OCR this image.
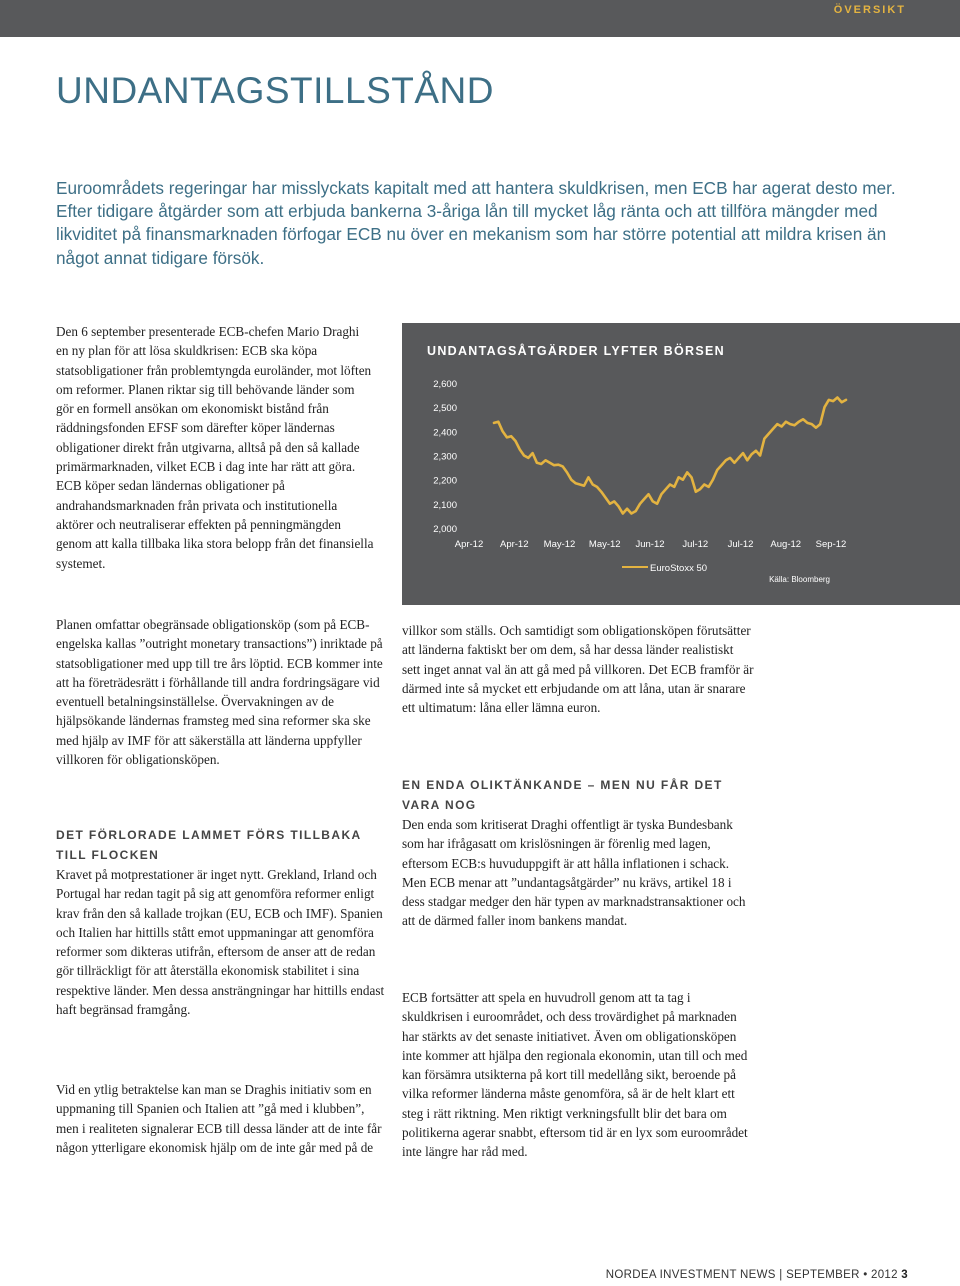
ÖVERSIKT
UNDANTAGSTILLSTÅND

Euroområdets regeringar har misslyckats kapitalt med att hantera skuldkrisen, men ECB har agerat desto mer. Efter tidigare åtgärder som att erbjuda bankerna 3-åriga lån till mycket låg ränta och att tillföra mängder med likviditet på finansmarknaden förfogar ECB nu över en mekanism som har större potential att mildra krisen än något annat tidigare försök.

Den 6 september presenterade ECB-chefen Mario Draghi en ny plan för att lösa skuldkrisen: ECB ska köpa statsobligationer från problemtyngda euroländer, mot löften om reformer. Planen riktar sig till behövande länder som gör en formell ansökan om ekonomiskt bistånd från räddningsfonden EFSF som därefter köper ländernas obligationer direkt från utgivarna, alltså på den så kallade primärmarknaden, vilket ECB i dag inte har rätt att göra. ECB köper sedan ländernas obligationer på andrahandsmarknaden från privata och institutionella aktörer och neutraliserar effekten på penningmängden genom att kalla tillbaka lika stora belopp från det finansiella systemet.

2,600
2,500
2,400
2,300
2,200
2,100
2,000
Apr-12 Apr-12 May-12 May-12 Jun-12 Jul-12 Jul-12 Aug-12 Sep-12
EuroStoxx 50
Källa: Bloomberg
UNDANTAGSÅTGÄRDER LYFTER BÖRSEN

Planen omfattar obegränsade obligationsköp (som på ECB-engelska kallas ”outright monetary transactions”) inriktade på statsobligationer med upp till tre års löptid. ECB kommer inte att ha företrädesrätt i förhållande till andra fordringsägare vid eventuell betalningsinställelse. Övervakningen av de hjälpsökande ländernas framsteg med sina reformer ska ske med hjälp av IMF för att säkerställa att länderna uppfyller villkoren för obligationsköpen.

DET FÖRLORADE LAMMET FÖRS TILLBAKA TILL FLOCKEN

Kravet på motprestationer är inget nytt. Grekland, Irland och Portugal har redan tagit på sig att genomföra reformer enligt krav från den så kallade trojkan (EU, ECB och IMF). Spanien och Italien har hittills stått emot uppmaningar att genomföra reformer som dikteras utifrån, eftersom de anser att de redan gör tillräckligt för att återställa ekonomisk stabilitet i sina respektive länder. Men dessa ansträngningar har hittills endast haft begränsad framgång.

Vid en ytlig betraktelse kan man se Draghis initiativ som en uppmaning till Spanien och Italien att ”gå med i klubben”, men i realiteten signalerar ECB till dessa länder att de inte får någon ytterligare ekonomisk hjälp om de inte går med på de

villkor som ställs. Och samtidigt som obligationsköpen förutsätter att länderna faktiskt ber om dem, så har dessa länder realistiskt sett inget annat val än att gå med på villkoren. Det ECB framför är därmed inte så mycket ett erbjudande om att låna, utan är snarare ett ultimatum: låna eller lämna euron.

EN ENDA OLIKTÄNKANDE – MEN NU FÅR DET VARA NOG

Den enda som kritiserat Draghi offentligt är tyska Bundesbank som har ifrågasatt om krislösningen är förenlig med lagen, eftersom ECB:s huvuduppgift är att hålla inflationen i schack. Men ECB menar att ”undantagsåtgärder” nu krävs, artikel 18 i dess stadgar medger den här typen av marknadstransaktioner och att de därmed faller inom bankens mandat.

ECB fortsätter att spela en huvudroll genom att ta tag i skuldkrisen i euroområdet, och dess trovärdighet på marknaden har stärkts av det senaste initiativet. Även om obligationsköpen inte kommer att hjälpa den regionala ekonomin, utan till och med kan försämra utsikterna på kort till medellång sikt, beroende på vilka reformer länderna måste genomföra, så är de helt klart ett steg i rätt riktning. Men riktigt verkningsfullt blir det bara om politikerna agerar snabbt, eftersom tid är en lyx som euroområdet inte längre har råd med.

NORDEA INVESTMENT NEWS | SEPTEMBER • 2012 3
